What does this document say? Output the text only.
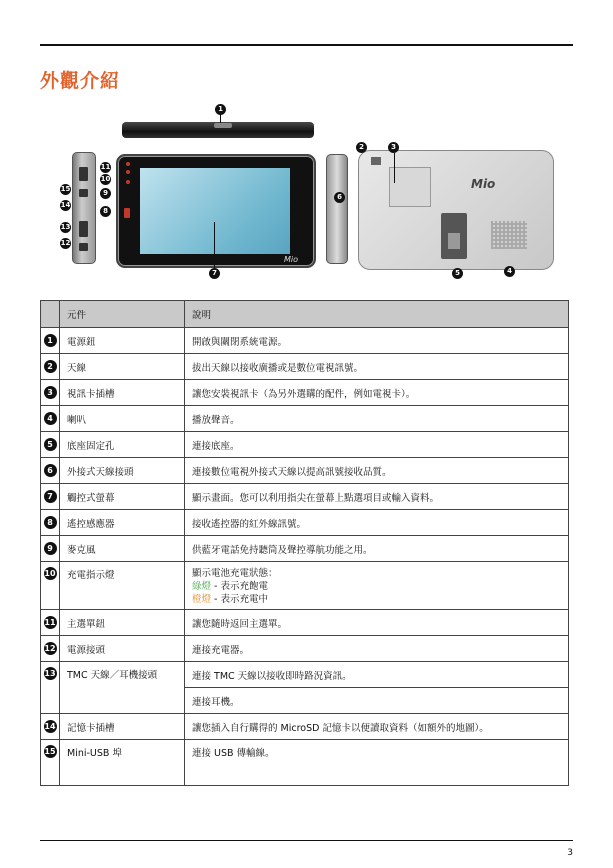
外觀介紹
1
15
14
13
12
Mio
11
10
9
8
7
6
Mio
2	3
5	4
	元件	說明
1	電源鈕	開啟與關閉系統電源。
2	天線	拔出天線以接收廣播或是數位電視訊號。
3	視訊卡插槽	讓您安裝視訊卡（為另外選購的配件，例如電視卡）。
4	喇叭	播放聲音。
5	底座固定孔	連接底座。
6	外接式天線接頭	連接數位電視外接式天線以提高訊號接收品質。
7	觸控式螢幕	顯示畫面。您可以利用指尖在螢幕上點選項目或輸入資料。
8	遙控感應器	接收遙控器的紅外線訊號。
9	麥克風	供藍牙電話免持聽筒及聲控導航功能之用。
10	充電指示燈	顯示電池充電狀態：
綠燈 - 表示充飽電
橙燈 - 表示充電中

11	主選單鈕	讓您隨時返回主選單。
12	電源接頭	連接充電器。
13	TMC 天線／耳機接頭	連接 TMC 天線以接收即時路況資訊。
		連接耳機。
14	記憶卡插槽	讓您插入自行購得的 MicroSD 記憶卡以便讀取資料（如額外的地圖）。
15	Mini-USB 埠	連接 USB 傳輸線。
3
